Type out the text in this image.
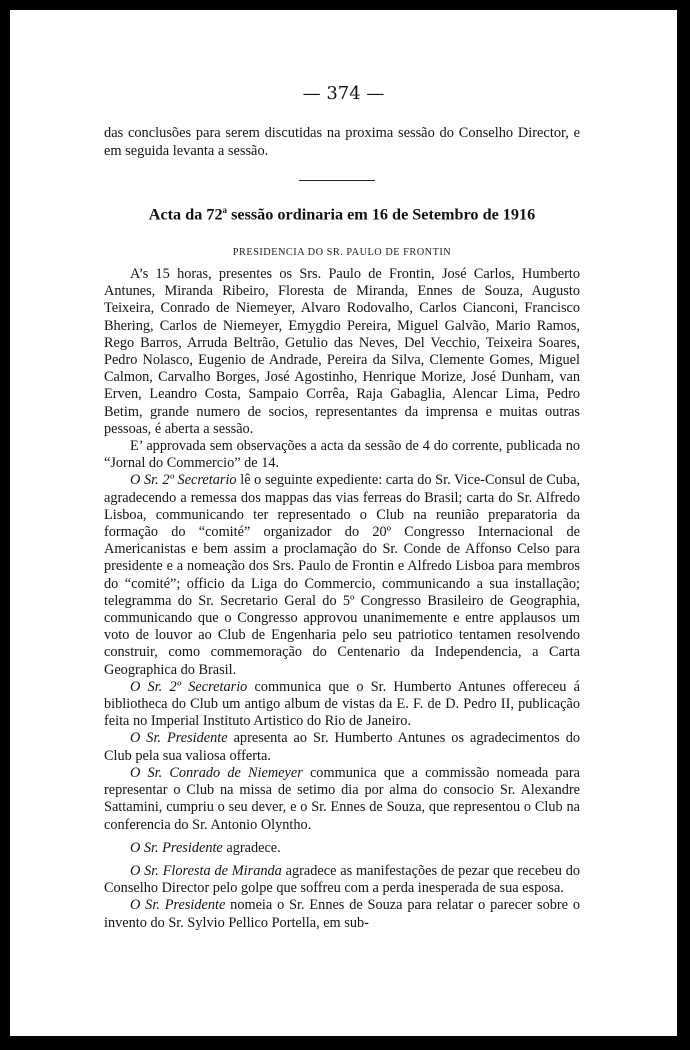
— 374 —
das conclusões para serem discutidas na proxima sessão do Conselho Director, e em seguida levanta a sessão.
Acta da 72$^a$ sessão ordinaria em 16 de Setembro de 1916
PRESIDENCIA DO SR. PAULO DE FRONTIN

A’s 15 horas, presentes os Srs. Paulo de Frontin, José Carlos, Humberto Antunes, Miranda Ribeiro, Floresta de Miranda, Ennes de Souza, Augusto Teixeira, Conrado de Niemeyer, Alvaro Rodovalho, Carlos Cianconi, Francisco Bhering, Carlos de Niemeyer, Emygdio Pereira, Miguel Galvão, Mario Ramos, Rego Barros, Arruda Beltrão, Getulio das Neves, Del Vecchio, Teixeira Soares, Pedro Nolasco, Eugenio de Andrade, Pereira da Silva, Clemente Gomes, Miguel Calmon, Carvalho Borges, José Agostinho, Henrique Morize, José Dunham, van Erven, Leandro Costa, Sampaio Corrêa, Raja Gabaglia, Alencar Lima, Pedro Betim, grande numero de socios, representantes da imprensa e muitas outras pessoas, é aberta a sessão.

E’ approvada sem observações a acta da sessão de 4 do corrente, publicada no “Jornal do Commercio” de 14.

O Sr. 2º Secretario lê o seguinte expediente: carta do Sr. Vice-Consul de Cuba, agradecendo a remessa dos mappas das vias ferreas do Brasil; carta do Sr. Alfredo Lisboa, communicando ter representado o Club na reunião preparatoria da formação do “comité” organizador do 20º Congresso Internacional de Americanistas e bem assim a proclamação do Sr. Conde de Affonso Celso para presidente e a nomeação dos Srs. Paulo de Frontin e Alfredo Lisboa para membros do “comité”; officio da Liga do Commercio, communicando a sua installação; telegramma do Sr. Secretario Geral do 5º Congresso Brasileiro de Geographia, communicando que o Congresso approvou unanimemente e entre applausos um voto de louvor ao Club de Engenharia pelo seu patriotico tentamen resolvendo construir, como commemoração do Centenario da Independencia, a Carta Geographica do Brasil.

O Sr. 2º Secretario communica que o Sr. Humberto Antunes offereceu á bibliotheca do Club um antigo album de vistas da E. F. de D. Pedro II, publicação feita no Imperial Instituto Artistico do Rio de Janeiro.

O Sr. Presidente apresenta ao Sr. Humberto Antunes os agradecimentos do Club pela sua valiosa offerta.

O Sr. Conrado de Niemeyer communica que a commissão nomeada para representar o Club na missa de setimo dia por alma do consocio Sr. Alexandre Sattamini, cumpriu o seu dever, e o Sr. Ennes de Souza, que representou o Club na conferencia do Sr. Antonio Olyntho.

O Sr. Presidente agradece.

O Sr. Floresta de Miranda agradece as manifestações de pezar que recebeu do Conselho Director pelo golpe que soffreu com a perda inesperada de sua esposa.

O Sr. Presidente nomeia o Sr. Ennes de Souza para relatar o parecer sobre o invento do Sr. Sylvio Pellico Portella, em sub-
